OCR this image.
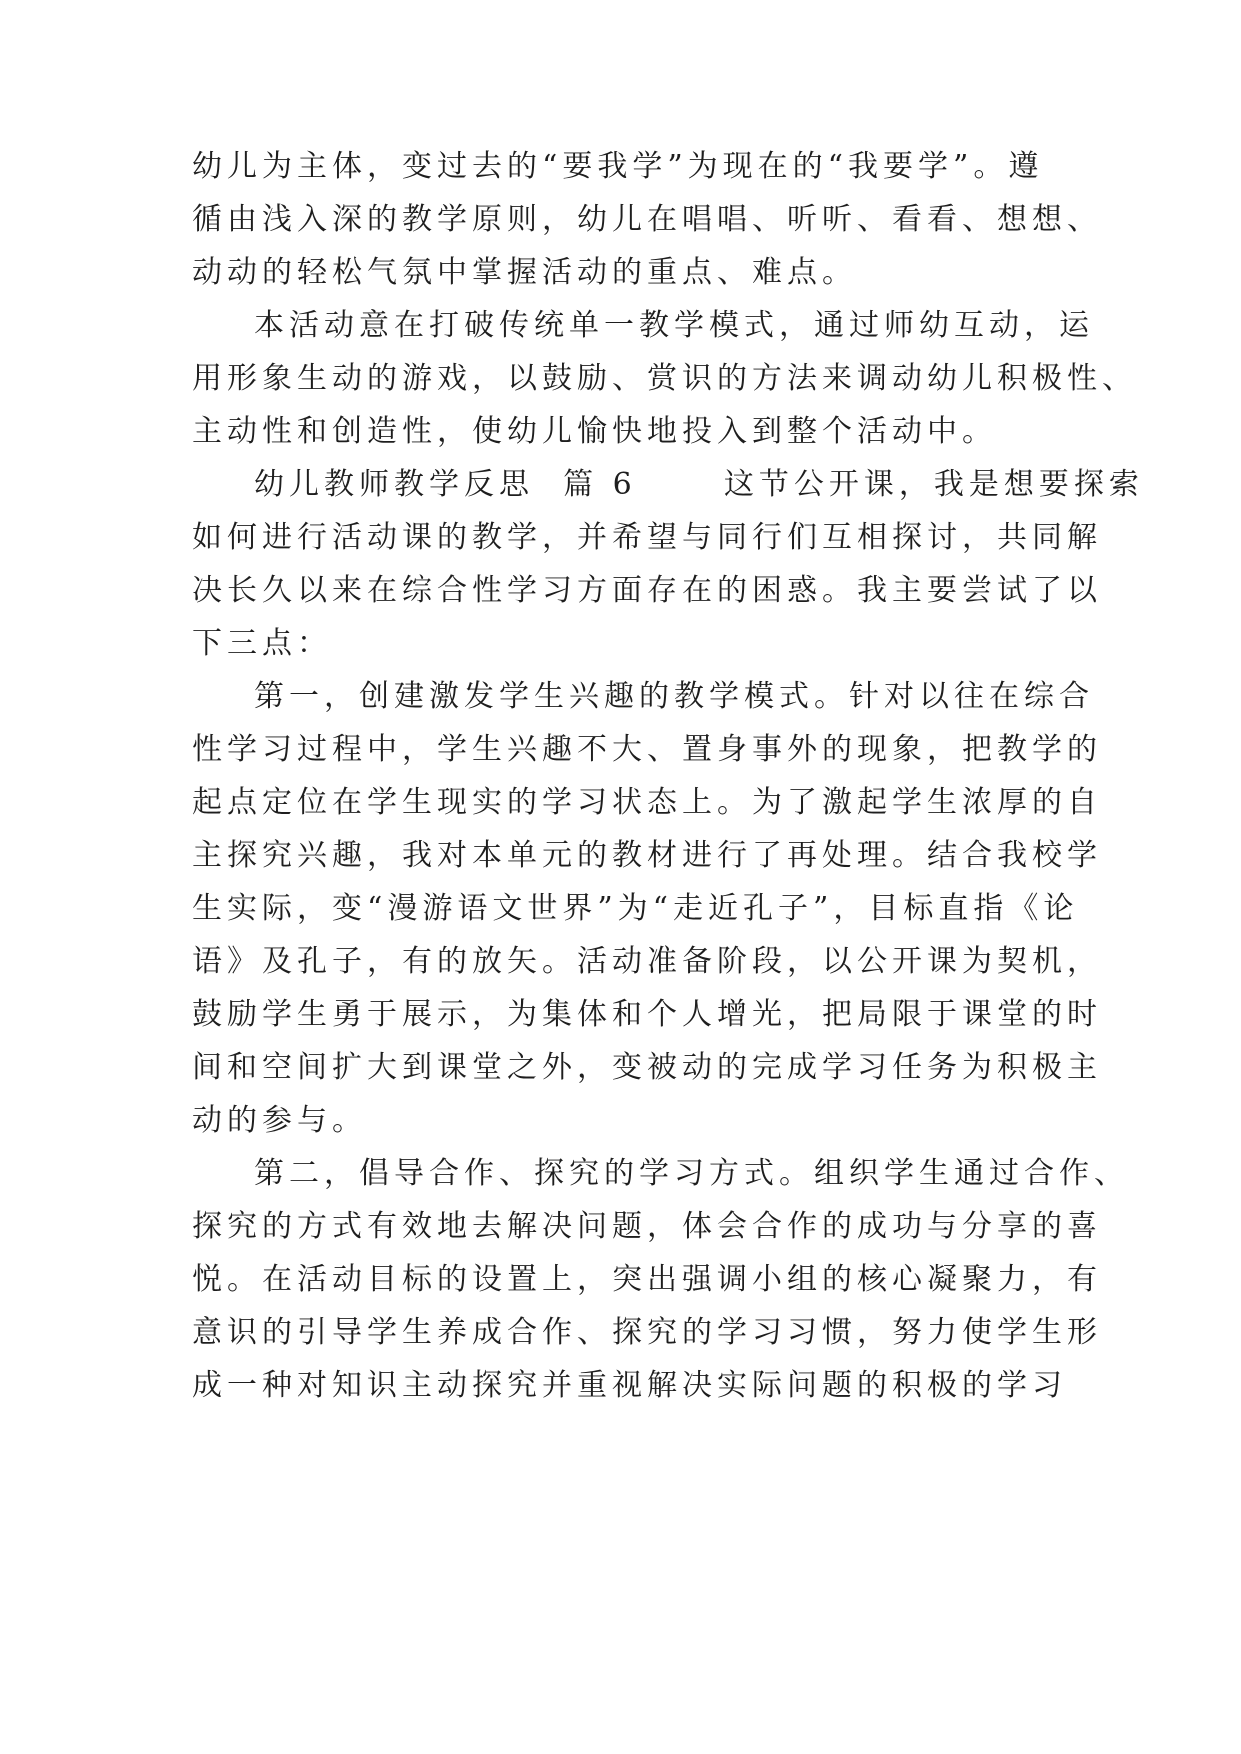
幼儿为主体，变过去的“要我学”为现在的“我要学”。遵
循由浅入深的教学原则，幼儿在唱唱、听听、看看、想想、
动动的轻松气氛中掌握活动的重点、难点。
本活动意在打破传统单一教学模式，通过师幼互动，运
用形象生动的游戏，以鼓励、赏识的方法来调动幼儿积极性、
主动性和创造性，使幼儿愉快地投入到整个活动中。
幼儿教师教学反思  篇 6      这节公开课，我是想要探索
如何进行活动课的教学，并希望与同行们互相探讨，共同解
决长久以来在综合性学习方面存在的困惑。我主要尝试了以
下三点：
第一，创建激发学生兴趣的教学模式。针对以往在综合
性学习过程中，学生兴趣不大、置身事外的现象，把教学的
起点定位在学生现实的学习状态上。为了激起学生浓厚的自
主探究兴趣，我对本单元的教材进行了再处理。结合我校学
生实际，变“漫游语文世界”为“走近孔子”，目标直指《论
语》及孔子，有的放矢。活动准备阶段，以公开课为契机，
鼓励学生勇于展示，为集体和个人增光，把局限于课堂的时
间和空间扩大到课堂之外，变被动的完成学习任务为积极主
动的参与。
第二，倡导合作、探究的学习方式。组织学生通过合作、
探究的方式有效地去解决问题，体会合作的成功与分享的喜
悦。在活动目标的设置上，突出强调小组的核心凝聚力，有
意识的引导学生养成合作、探究的学习习惯，努力使学生形
成一种对知识主动探究并重视解决实际问题的积极的学习
